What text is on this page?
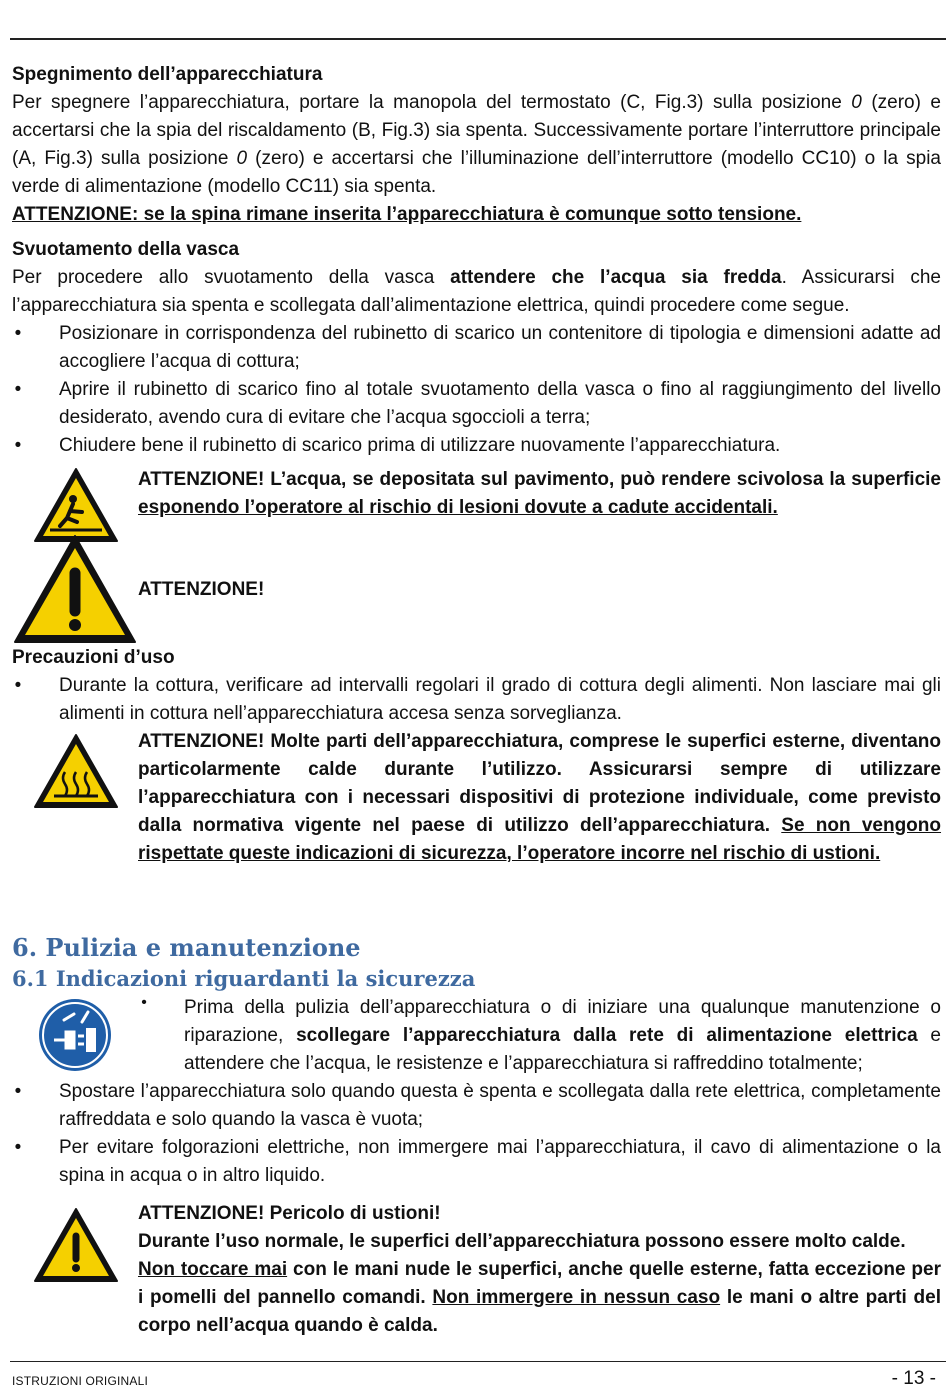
Spegnimento dell’apparecchiatura

Per spegnere l’apparecchiatura, portare la manopola del termostato (C, Fig.3) sulla posizione 0 (zero) e accertarsi che la spia del riscaldamento (B, Fig.3) sia spenta. Successivamente portare l’interruttore principale (A, Fig.3) sulla posizione 0 (zero) e accertarsi che l’illuminazione dell’interruttore (modello CC10) o la spia verde di alimentazione (modello CC11) sia spenta.

ATTENZIONE: se la spina rimane inserita l’apparecchiatura è comunque sotto tensione.

Svuotamento della vasca

Per procedere allo svuotamento della vasca attendere che l’acqua sia fredda. Assicurarsi che l’apparecchiatura sia spenta e scollegata dall’alimentazione elettrica, quindi procedere come segue.

• Posizionare in corrispondenza del rubinetto di scarico un contenitore di tipologia e dimensioni adatte ad accogliere l’acqua di cottura;
• Aprire il rubinetto di scarico fino al totale svuotamento della vasca o fino al raggiungimento del livello desiderato, avendo cura di evitare che l’acqua sgoccioli a terra;
• Chiudere bene il rubinetto di scarico prima di utilizzare nuovamente l’apparecchiatura.

ATTENZIONE! L’acqua, se depositata sul pavimento, può rendere scivolosa la superficie esponendo l’operatore al rischio di lesioni dovute a cadute accidentali.

ATTENZIONE!

Precauzioni d’uso

• Durante la cottura, verificare ad intervalli regolari il grado di cottura degli alimenti. Non lasciare mai gli alimenti in cottura nell’apparecchiatura accesa senza sorveglianza.

ATTENZIONE! Molte parti dell’apparecchiatura, comprese le superfici esterne, diventano particolarmente calde durante l’utilizzo. Assicurarsi sempre di utilizzare l’apparecchiatura con i necessari dispositivi di protezione individuale, come previsto dalla normativa vigente nel paese di utilizzo dell’apparecchiatura. Se non vengono rispettate queste indicazioni di sicurezza, l’operatore incorre nel rischio di ustioni.

6. Pulizia e manutenzione

6.1 Indicazioni riguardanti la sicurezza

• Prima della pulizia dell’apparecchiatura o di iniziare una qualunque manutenzione o riparazione, scollegare l’apparecchiatura dalla rete di alimentazione elettrica e attendere che l’acqua, le resistenze e l’apparecchiatura si raffreddino totalmente;

• Spostare l’apparecchiatura solo quando questa è spenta e scollegata dalla rete elettrica, completamente raffreddata e solo quando la vasca è vuota;
• Per evitare folgorazioni elettriche, non immergere mai l’apparecchiatura, il cavo di alimentazione o la spina in acqua o in altro liquido.

ATTENZIONE! Pericolo di ustioni!

Durante l’uso normale, le superfici dell’apparecchiatura possono essere molto calde.

Non toccare mai con le mani nude le superfici, anche quelle esterne, fatta eccezione per i pomelli del pannello comandi. Non immergere in nessun caso le mani o altre parti del corpo nell’acqua quando è calda.

ISTRUZIONI ORIGINALI	- 13 -
